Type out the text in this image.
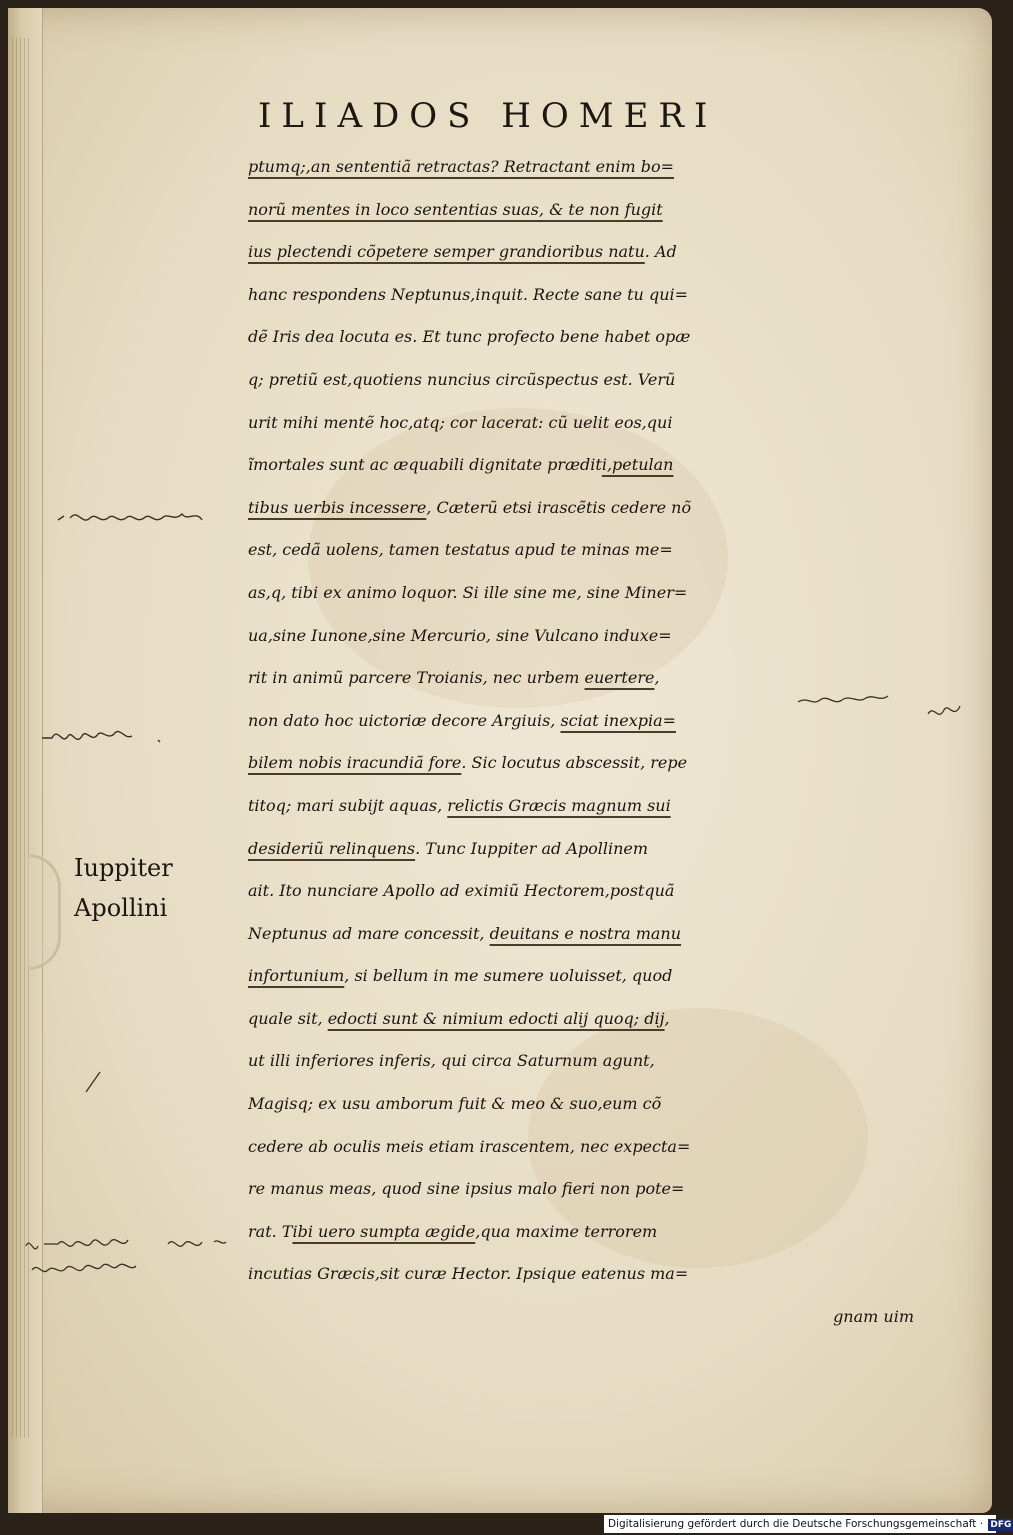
ILIADOS HOMERI
ptumq;,an sententiã retractas? Retractant enim bo=
norũ mentes in loco sententias suas, & te non fugit
ius plectendi cõpetere semper grandioribus natu. Ad
hanc respondens Neptunus,inquit. Recte sane tu qui=
dẽ Iris dea locuta es. Et tunc profecto bene habet opæ
q; pretiũ est,quotiens nuncius circũspectus est. Verũ
urit mihi mentẽ hoc,atq; cor lacerat: cũ uelit eos,qui
ĩmortales sunt ac æquabili dignitate præditi,petulan
tibus uerbis incessere, Cæterũ etsi irascẽtis cedere nõ
est, cedã uolens, tamen testatus apud te minas me=
as,q, tibi ex animo loquor. Si ille sine me, sine Miner=
ua,sine Iunone,sine Mercurio, sine Vulcano induxe=
rit in animũ parcere Troianis, nec urbem euertere,
non dato hoc uictoriæ decore Argiuis, sciat inexpia=
bilem nobis iracundiã fore. Sic locutus abscessit, repe
titoq; mari subijt aquas, relictis Græcis magnum sui
desideriũ relinquens. Tunc Iuppiter ad Apollinem
ait. Ito nunciare Apollo ad eximiũ Hectorem,postquã
Neptunus ad mare concessit, deuitans e nostra manu
infortunium, si bellum in me sumere uoluisset, quod
quale sit, edocti sunt & nimium edocti alij quoq; dij,
ut illi inferiores inferis, qui circa Saturnum agunt,
Magisq; ex usu amborum fuit & meo & suo,eum cõ
cedere ab oculis meis etiam irascentem, nec expecta=
re manus meas, quod sine ipsius malo fieri non pote=
rat. Tibi uero sumpta ægide,qua maxime terrorem
incutias Græcis,sit curæ Hector. Ipsique eatenus ma=
gnam uim
Iuppiter
Apollini
Digitalisierung gefördert durch die Deutsche Forschungsgemeinschaft · DFG
